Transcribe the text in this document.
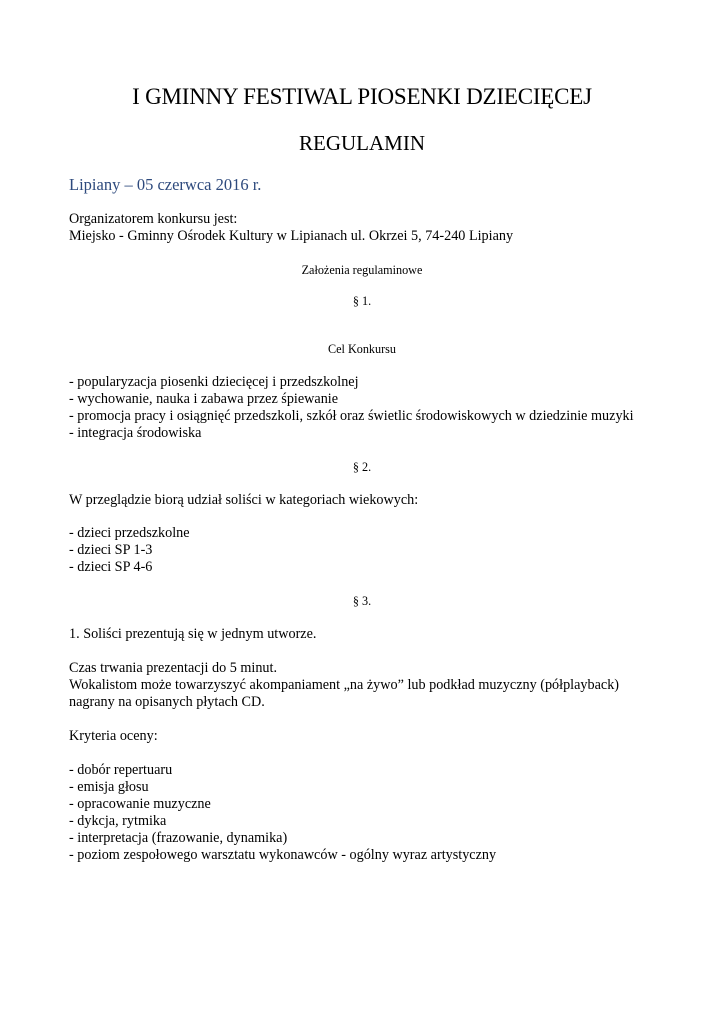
I GMINNY FESTIWAL PIOSENKI DZIECIĘCEJ
REGULAMIN
Lipiany – 05 czerwca 2016 r.
Organizatorem konkursu jest:
Miejsko - Gminny Ośrodek Kultury w Lipianach ul. Okrzei 5, 74-240 Lipiany
Założenia regulaminowe
§ 1.
Cel Konkursu
- popularyzacja piosenki dziecięcej i przedszkolnej
- wychowanie, nauka i zabawa przez śpiewanie
- promocja pracy i osiągnięć przedszkoli, szkół oraz świetlic środowiskowych w dziedzinie muzyki
- integracja środowiska
§ 2.
W przeglądzie biorą udział soliści w kategoriach wiekowych:
- dzieci przedszkolne
- dzieci SP 1-3
- dzieci SP 4-6
§ 3.
1. Soliści prezentują się w jednym utworze.
Czas trwania prezentacji do 5 minut.
Wokalistom może towarzyszyć akompaniament „na żywo” lub podkład muzyczny (półplayback)
nagrany na opisanych płytach CD.
Kryteria oceny:
- dobór repertuaru
- emisja głosu
- opracowanie muzyczne
- dykcja, rytmika
- interpretacja (frazowanie, dynamika)
- poziom zespołowego warsztatu wykonawców - ogólny wyraz artystyczny
